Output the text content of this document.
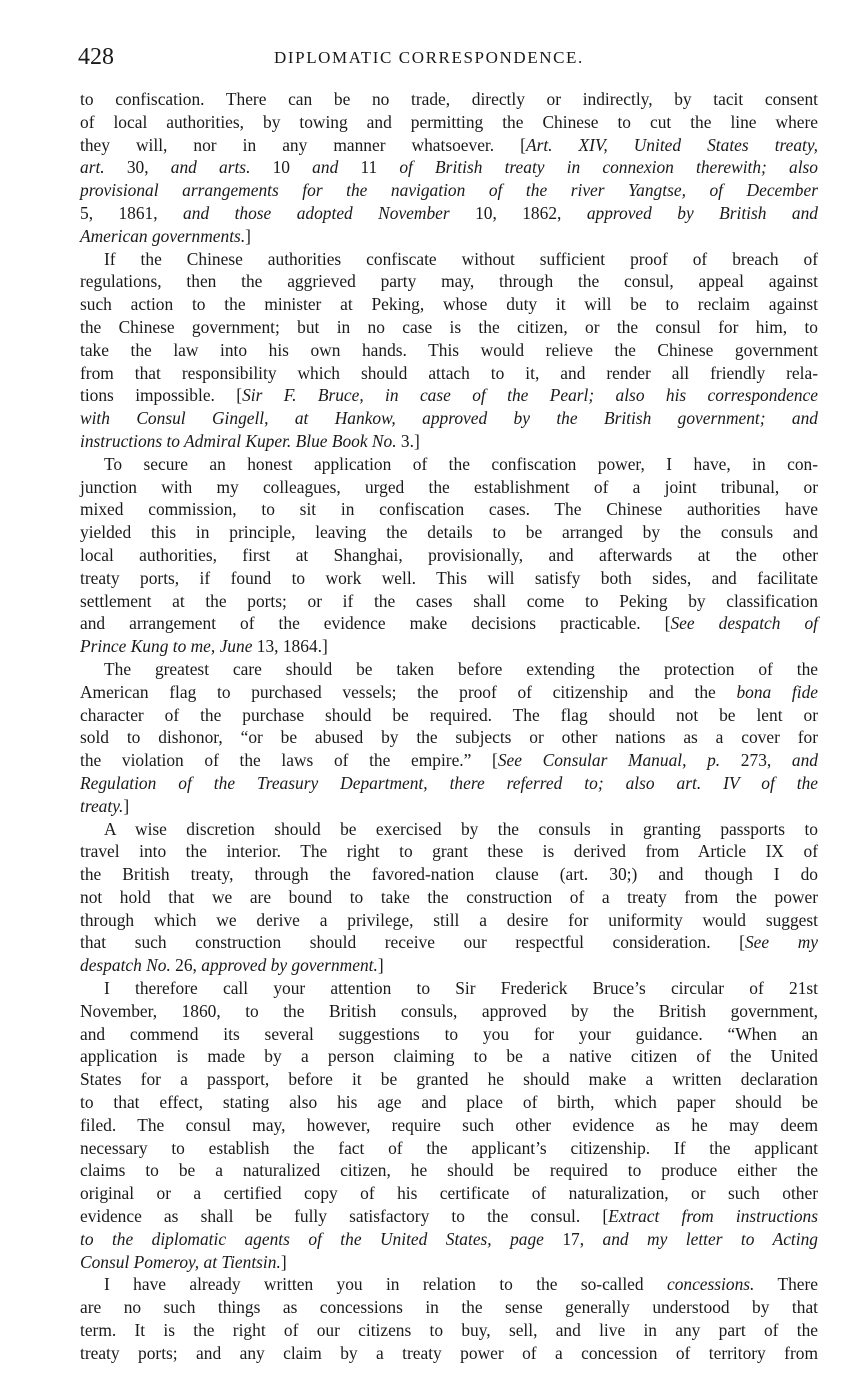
428	DIPLOMATIC CORRESPONDENCE.
to confiscation. There can be no trade, directly or indirectly, by tacit consent
of local authorities, by towing and permitting the Chinese to cut the line where
they will, nor in any manner whatsoever. [Art. XIV, United States treaty,
art. 30, and arts. 10 and 11 of British treaty in connexion therewith; also
provisional arrangements for the navigation of the river Yangtse, of December
5, 1861, and those adopted November 10, 1862, approved by British and
American governments.]
If the Chinese authorities confiscate without sufficient proof of breach of
regulations, then the aggrieved party may, through the consul, appeal against
such action to the minister at Peking, whose duty it will be to reclaim against
the Chinese government; but in no case is the citizen, or the consul for him, to
take the law into his own hands. This would relieve the Chinese government
from that responsibility which should attach to it, and render all friendly rela-
tions impossible. [Sir F. Bruce, in case of the Pearl; also his correspondence
with Consul Gingell, at Hankow, approved by the British government; and
instructions to Admiral Kuper. Blue Book No. 3.]
To secure an honest application of the confiscation power, I have, in con-
junction with my colleagues, urged the establishment of a joint tribunal, or
mixed commission, to sit in confiscation cases. The Chinese authorities have
yielded this in principle, leaving the details to be arranged by the consuls and
local authorities, first at Shanghai, provisionally, and afterwards at the other
treaty ports, if found to work well. This will satisfy both sides, and facilitate
settlement at the ports; or if the cases shall come to Peking by classification
and arrangement of the evidence make decisions practicable. [See despatch of
Prince Kung to me, June 13, 1864.]
The greatest care should be taken before extending the protection of the
American flag to purchased vessels; the proof of citizenship and the bona fide
character of the purchase should be required. The flag should not be lent or
sold to dishonor, “or be abused by the subjects or other nations as a cover for
the violation of the laws of the empire.” [See Consular Manual, p. 273, and
Regulation of the Treasury Department, there referred to; also art. IV of the
treaty.]
A wise discretion should be exercised by the consuls in granting passports to
travel into the interior. The right to grant these is derived from Article IX of
the British treaty, through the favored-nation clause (art. 30;) and though I do
not hold that we are bound to take the construction of a treaty from the power
through which we derive a privilege, still a desire for uniformity would suggest
that such construction should receive our respectful consideration. [See my
despatch No. 26, approved by government.]
I therefore call your attention to Sir Frederick Bruce’s circular of 21st
November, 1860, to the British consuls, approved by the British government,
and commend its several suggestions to you for your guidance. “When an
application is made by a person claiming to be a native citizen of the United
States for a passport, before it be granted he should make a written declaration
to that effect, stating also his age and place of birth, which paper should be
filed. The consul may, however, require such other evidence as he may deem
necessary to establish the fact of the applicant’s citizenship. If the applicant
claims to be a naturalized citizen, he should be required to produce either the
original or a certified copy of his certificate of naturalization, or such other
evidence as shall be fully satisfactory to the consul. [Extract from instructions
to the diplomatic agents of the United States, page 17, and my letter to Acting
Consul Pomeroy, at Tientsin.]
I have already written you in relation to the so-called concessions. There
are no such things as concessions in the sense generally understood by that
term. It is the right of our citizens to buy, sell, and live in any part of the
treaty ports; and any claim by a treaty power of a concession of territory from
